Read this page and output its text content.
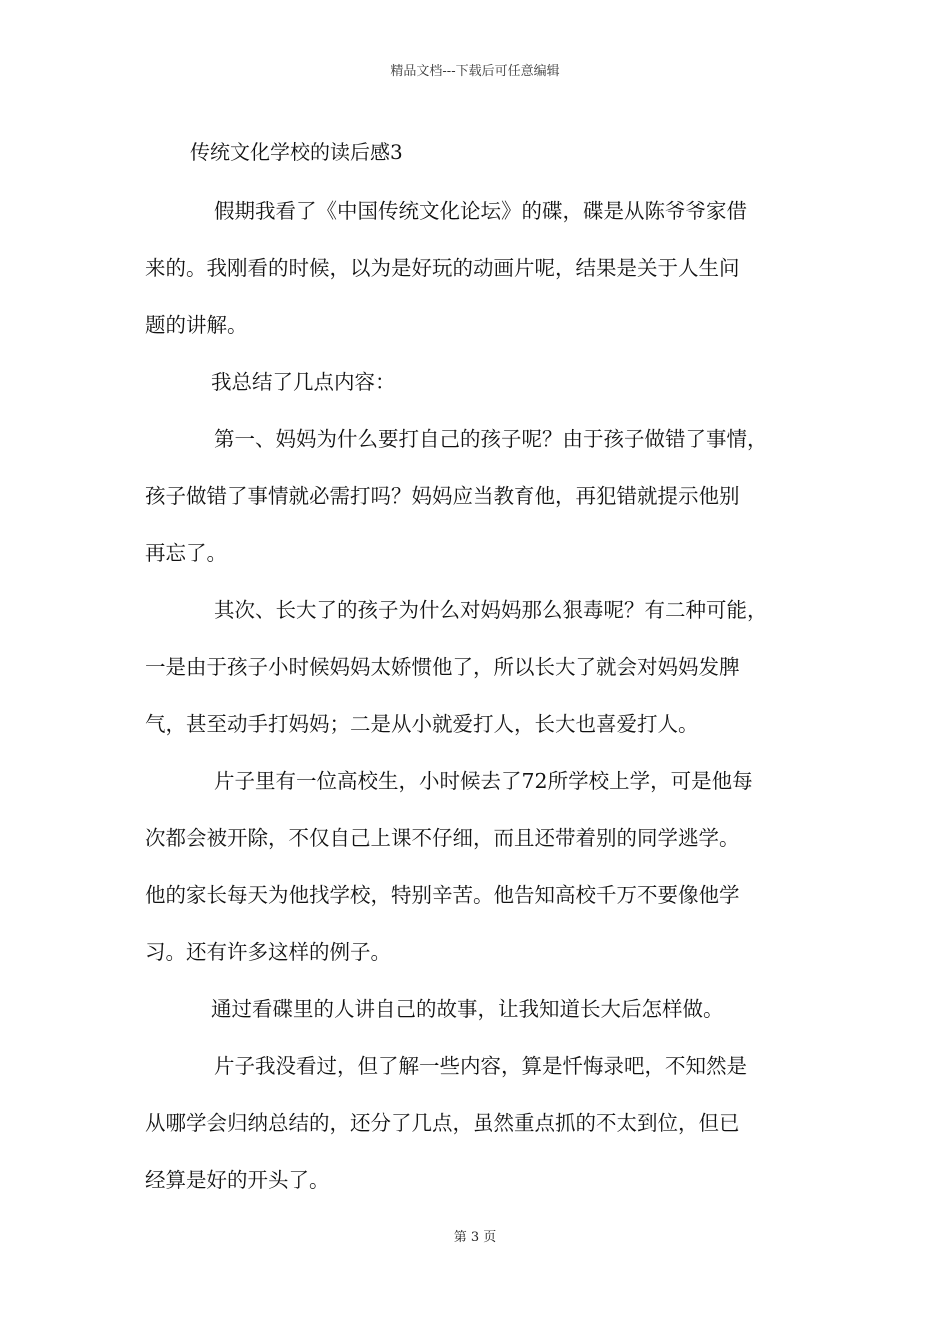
精品文档---下载后可任意编辑
传统文化学校的读后感3
假期我看了《中国传统文化论坛》的碟，碟是从陈爷爷家借
来的。我刚看的时候，以为是好玩的动画片呢，结果是关于人生问
题的讲解。
我总结了几点内容：
第一、妈妈为什么要打自己的孩子呢？由于孩子做错了事情，
孩子做错了事情就必需打吗？妈妈应当教育他，再犯错就提示他别
再忘了。
其次、长大了的孩子为什么对妈妈那么狠毒呢？有二种可能，
一是由于孩子小时候妈妈太娇惯他了，所以长大了就会对妈妈发脾
气，甚至动手打妈妈；二是从小就爱打人，长大也喜爱打人。
片子里有一位高校生，小时候去了72所学校上学，可是他每
次都会被开除，不仅自己上课不仔细，而且还带着别的同学逃学。
他的家长每天为他找学校，特别辛苦。他告知高校千万不要像他学
习。还有许多这样的例子。
通过看碟里的人讲自己的故事，让我知道长大后怎样做。
片子我没看过，但了解一些内容，算是忏悔录吧，不知然是
从哪学会归纳总结的，还分了几点，虽然重点抓的不太到位，但已
经算是好的开头了。
第 3 页
